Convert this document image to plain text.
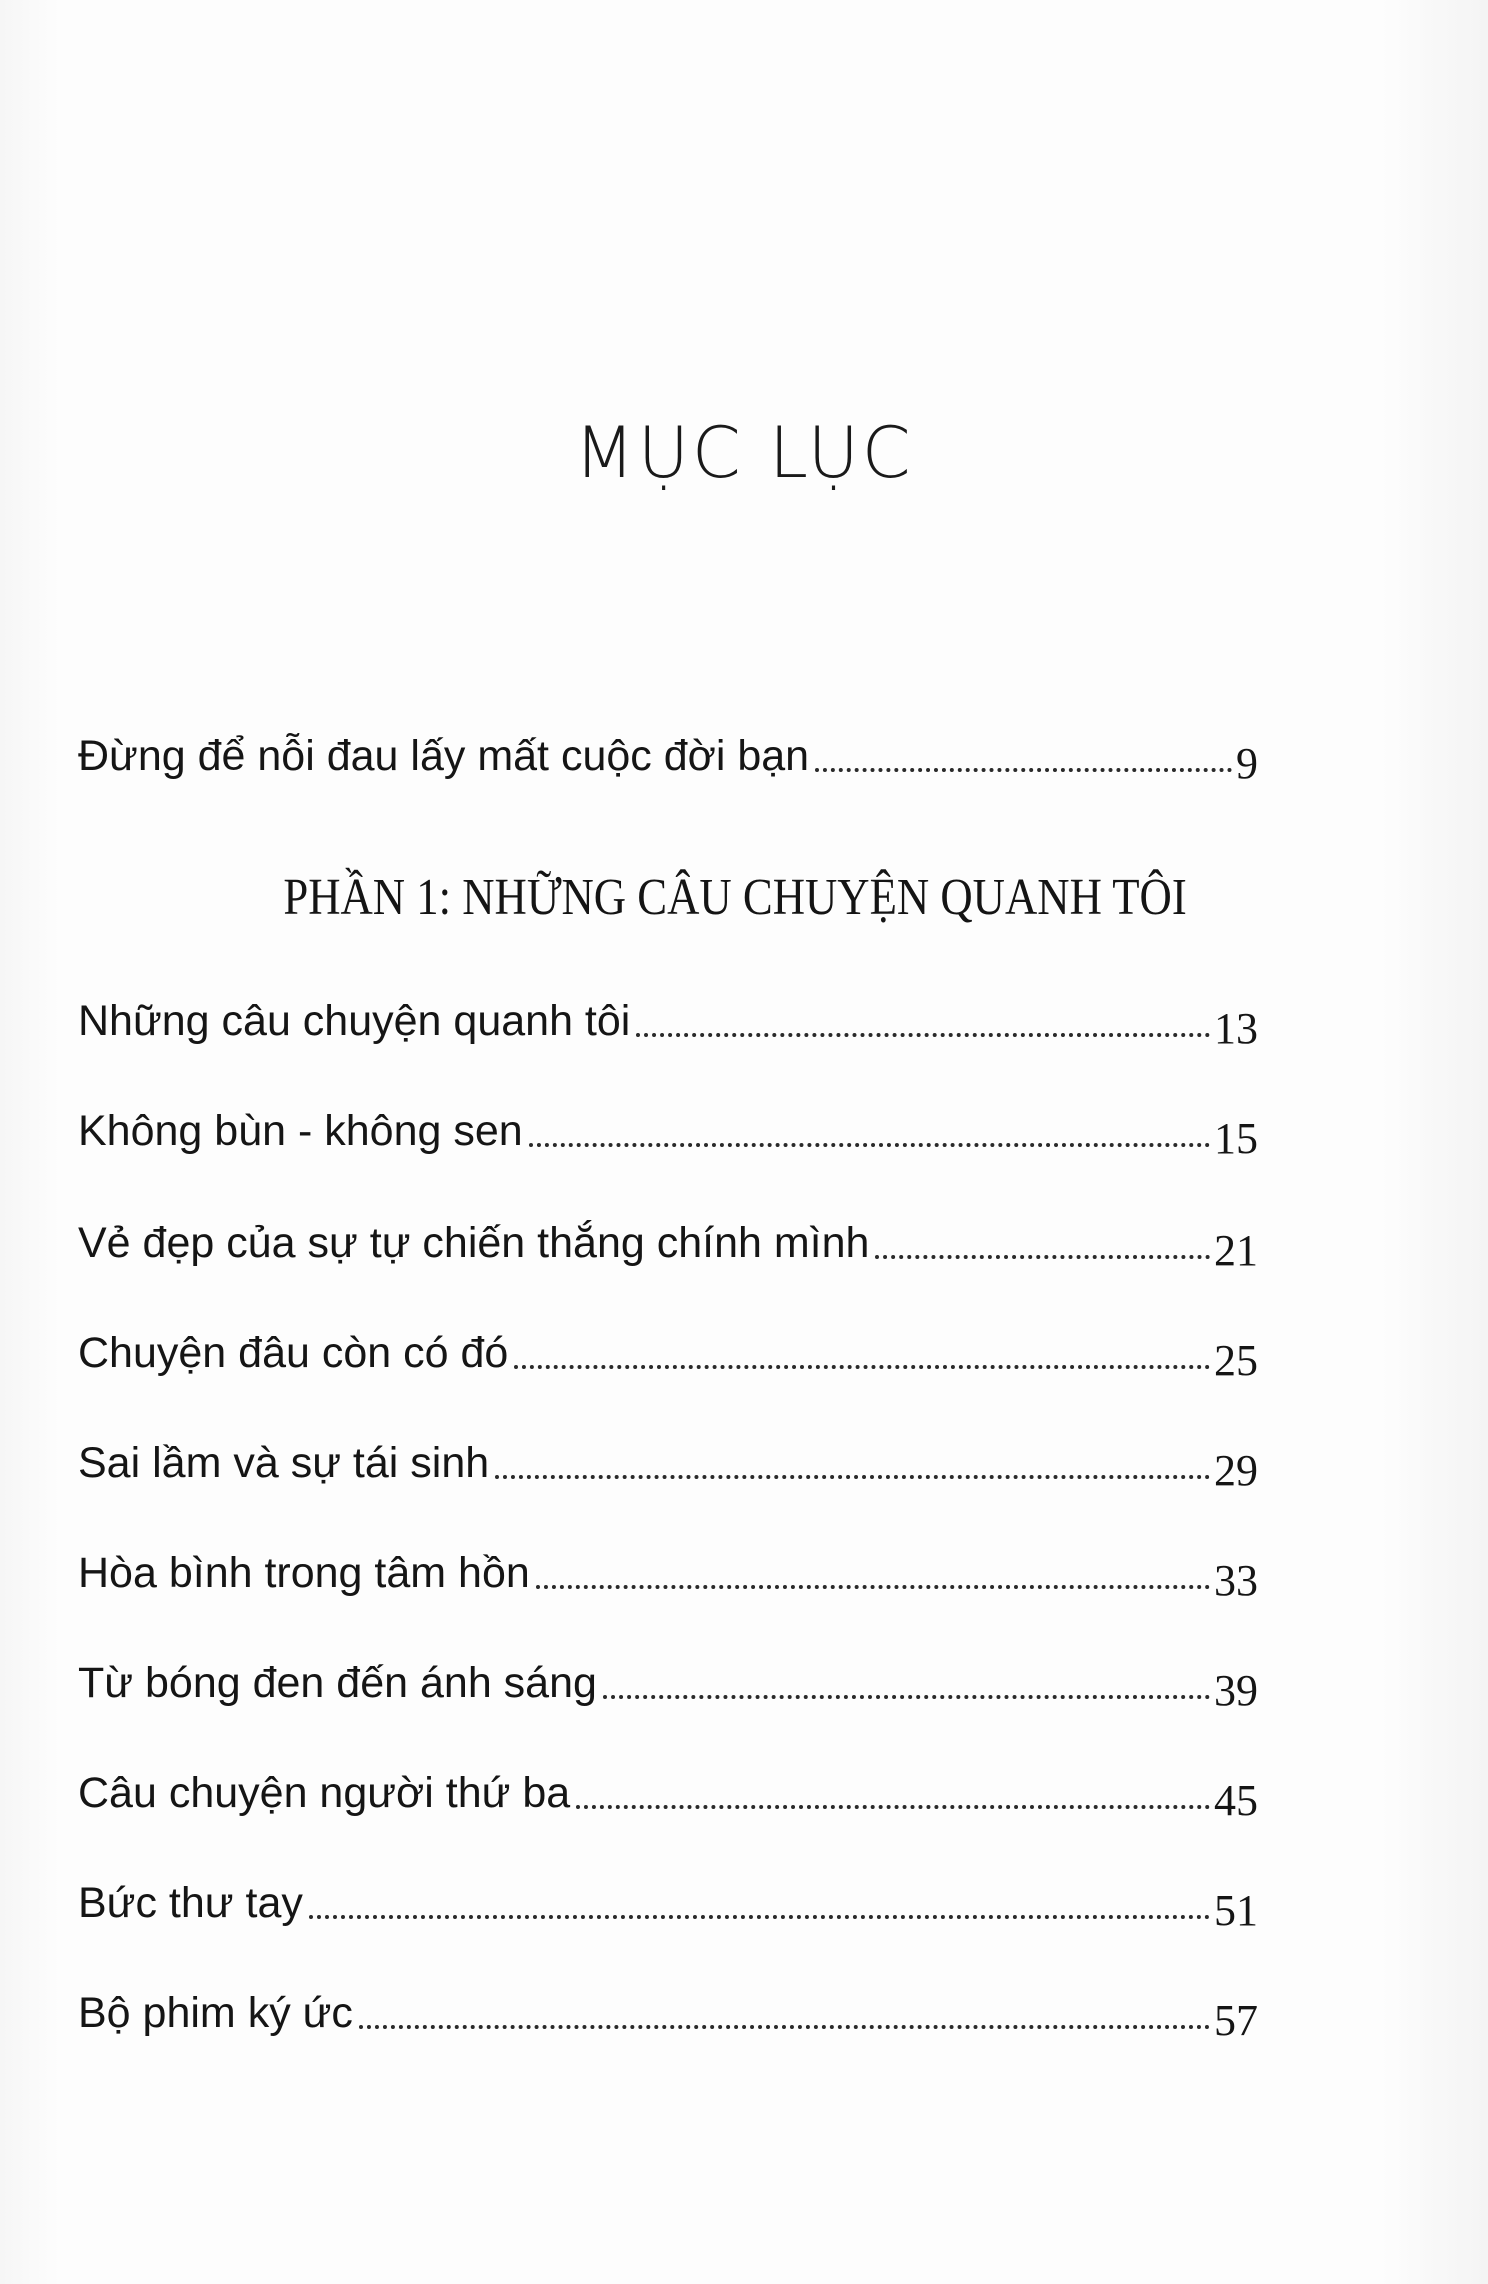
MỤC LỤC
Đừng để nỗi đau lấy mất cuộc đời bạn	9
PHẦN 1: NHỮNG CÂU CHUYỆN QUANH TÔI
Những câu chuyện quanh tôi	13
Không bùn - không sen	15
Vẻ đẹp của sự tự chiến thắng chính mình	21
Chuyện đâu còn có đó	25
Sai lầm và sự tái sinh	29
Hòa bình trong tâm hồn	33
Từ bóng đen đến ánh sáng	39
Câu chuyện người thứ ba	45
Bức thư tay	51
Bộ phim ký ức	57
